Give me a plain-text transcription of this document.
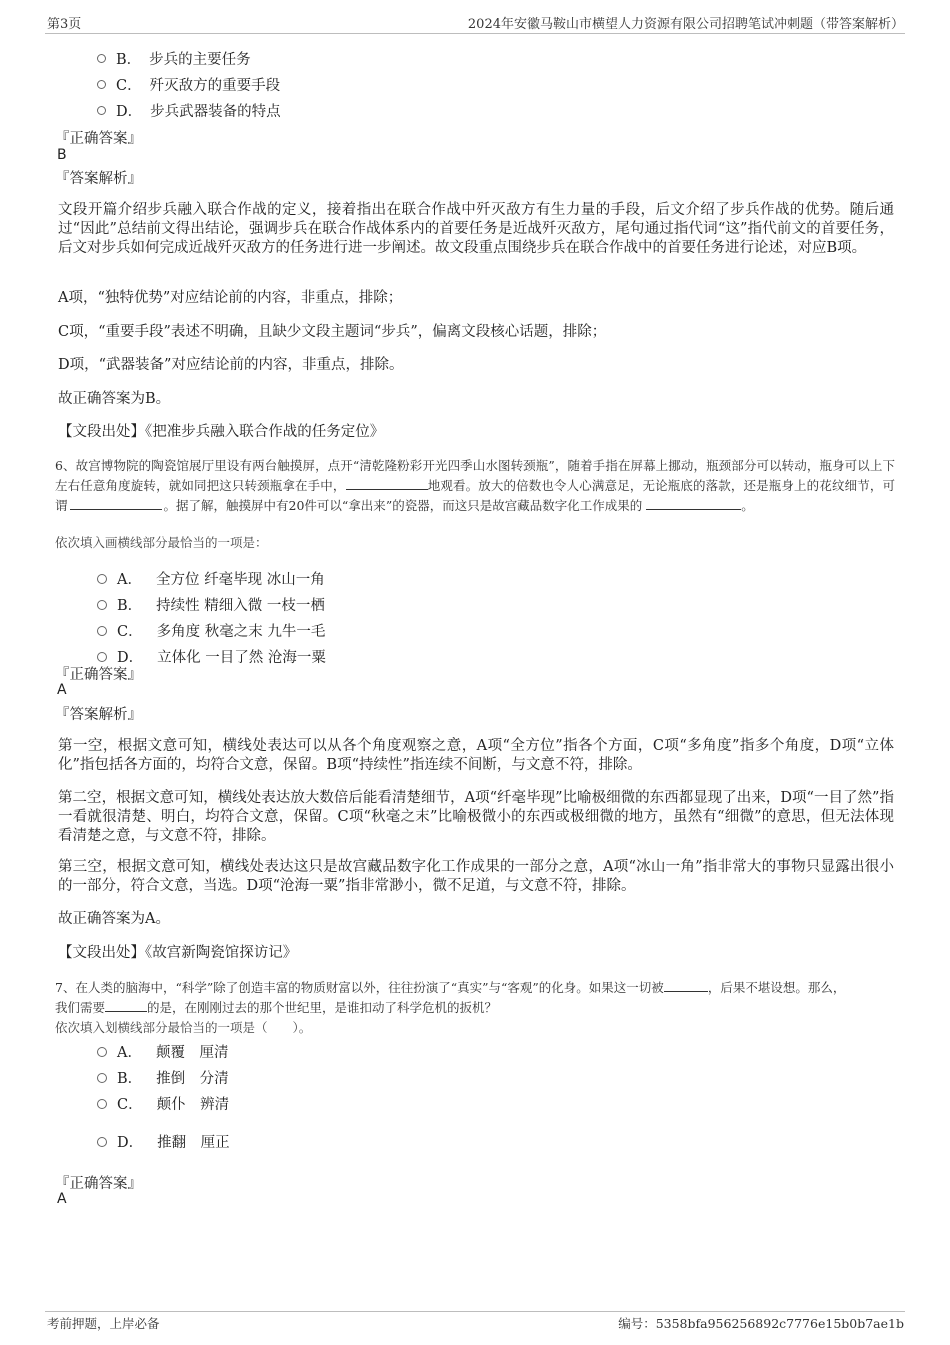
第3页	2024年安徽马鞍山市横望人力资源有限公司招聘笔试冲刺题（带答案解析）
B． 步兵的主要任务
C． 歼灭敌方的重要手段
D． 步兵武器装备的特点
『正确答案』
B
『答案解析』
文段开篇介绍步兵融入联合作战的定义，接着指出在联合作战中歼灭敌方有生力量的手段，后文介绍了步兵作战的优势。随后通过“因此”总结前文得出结论，强调步兵在联合作战体系内的首要任务是近战歼灭敌方，尾句通过指代词“这”指代前文的首要任务，后文对步兵如何完成近战歼灭敌方的任务进行进一步阐述。故文段重点围绕步兵在联合作战中的首要任务进行论述，对应B项。
A项，“独特优势”对应结论前的内容，非重点，排除；
C项，“重要手段”表述不明确，且缺少文段主题词“步兵”，偏离文段核心话题，排除；
D项，“武器装备”对应结论前的内容，非重点，排除。
故正确答案为B。
【文段出处】《把准步兵融入联合作战的任务定位》
6、故宫博物院的陶瓷馆展厅里设有两台触摸屏，点开“清乾隆粉彩开光四季山水图转颈瓶”，随着手指在屏幕上挪动，瓶颈部分可以转动，瓶身可以上下左右任意角度旋转，就如同把这只转颈瓶拿在手中，	地观看。放大的倍数也令人心满意足，无论瓶底的落款，还是瓶身上的花纹细节，可谓	。据了解，触摸屏中有20件可以“拿出来”的瓷器，而这只是故宫藏品数字化工作成果的	。
依次填入画横线部分最恰当的一项是：
A． 全方位 纤毫毕现 冰山一角
B． 持续性 精细入微 一枝一栖
C． 多角度 秋毫之末 九牛一毛
D． 立体化 一目了然 沧海一粟
『正确答案』
A
『答案解析』
第一空，根据文意可知，横线处表达可以从各个角度观察之意，A项“全方位”指各个方面，C项“多角度”指多个角度，D项“立体化”指包括各方面的，均符合文意，保留。B项“持续性”指连续不间断，与文意不符，排除。
第二空，根据文意可知，横线处表达放大数倍后能看清楚细节，A项“纤毫毕现”比喻极细微的东西都显现了出来，D项“一目了然”指一看就很清楚、明白，均符合文意，保留。C项“秋毫之末”比喻极微小的东西或极细微的地方，虽然有“细微”的意思，但无法体现看清楚之意，与文意不符，排除。
第三空，根据文意可知，横线处表达这只是故宫藏品数字化工作成果的一部分之意，A项“冰山一角”指非常大的事物只显露出很小的一部分，符合文意，当选。D项“沧海一粟”指非常渺小，微不足道，与文意不符，排除。
故正确答案为A。
【文段出处】《故宫新陶瓷馆探访记》
7、在人类的脑海中，“科学”除了创造丰富的物质财富以外，往往扮演了“真实”与“客观”的化身。如果这一切被	，后果不堪设想。那么，
我们需要	的是，在刚刚过去的那个世纪里，是谁扣动了科学危机的扳机？
依次填入划横线部分最恰当的一项是（　　）。
A． 颠覆　厘清
B． 推倒　分清
C． 颠仆　辨清
D． 推翻　厘正
『正确答案』
A
考前押题，上岸必备	编号：5358bfa956256892c7776e15b0b7ae1b
